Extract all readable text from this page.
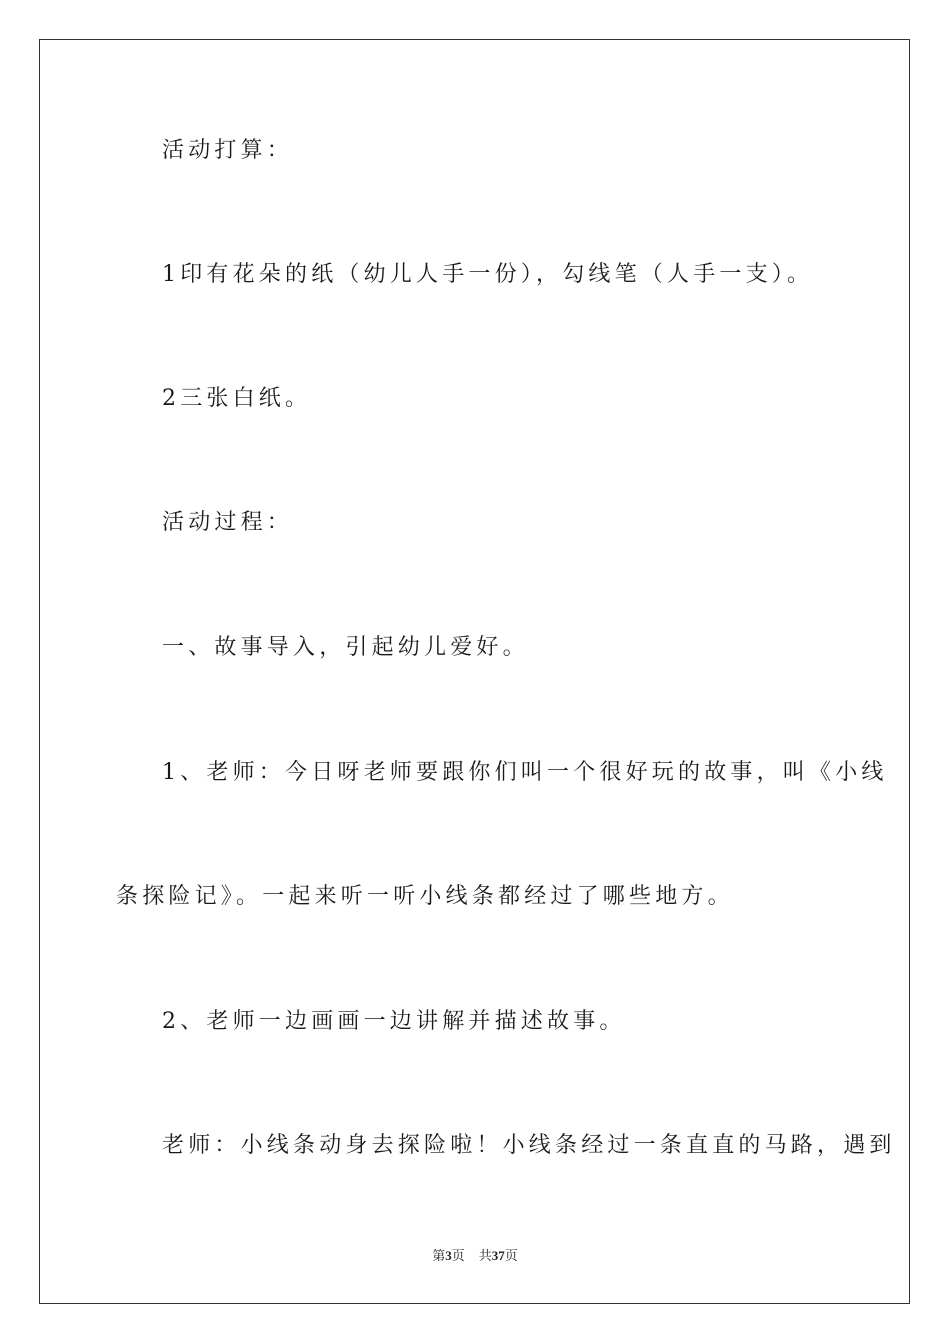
活动打算：
1印有花朵的纸（幼儿人手一份），勾线笔（人手一支）。
2三张白纸。
活动过程：
一、故事导入，引起幼儿爱好。
1、老师：今日呀老师要跟你们叫一个很好玩的故事，叫《小线
条探险记》。一起来听一听小线条都经过了哪些地方。
2、老师一边画画一边讲解并描述故事。
老师：小线条动身去探险啦！小线条经过一条直直的马路，遇到
第3页 共37页
